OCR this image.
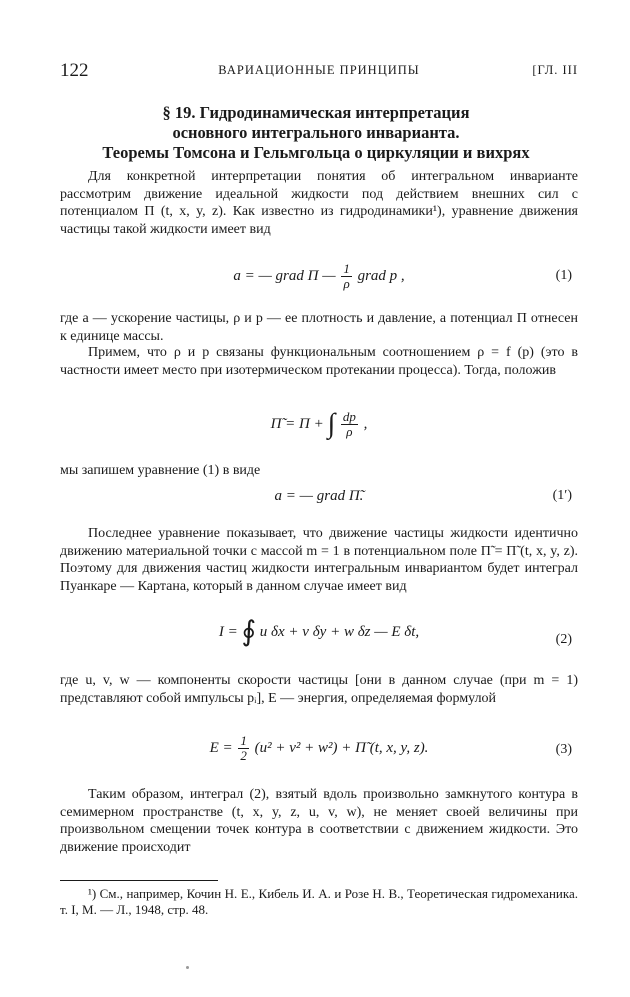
122	ВАРИАЦИОННЫЕ ПРИНЦИПЫ	[ГЛ. III
§ 19. Гидродинамическая интерпретация
основного интегрального инварианта.
Теоремы Томсона и Гельмгольца о циркуляции и вихрях

Для конкретной интерпретации понятия об интегральном инварианте рассмотрим движение идеальной жидкости под действием внешних сил с потенциалом П (t, x, y, z). Как известно из гидродинамики¹), уравнение движения частицы такой жидкости имеет вид

a = — grad П — $\frac{1}{\rho}$ grad p ,	(1)

где a — ускорение частицы, ρ и p — ее плотность и давление, а потенциал П отнесен к единице массы.

Примем, что ρ и p связаны функциональным соотношением ρ = f (p) (это в частности имеет место при изотермическом протекании процесса). Тогда, положив

П̃ = П + ∫ $\frac{dp}{\rho}$ ,

мы запишем уравнение (1) в виде

a = — grad П̃.	(1′)

Последнее уравнение показывает, что движение частицы жидкости идентично движению материальной точки с массой m = 1 в потенциальном поле П̃ = П̃ (t, x, y, z). Поэтому для движения частиц жидкости интегральным инвариантом будет интеграл Пуанкаре — Картана, который в данном случае имеет вид

I = ∮ u δx + v δy + w δz — E δt,	(2)

где u, v, w — компоненты скорости частицы [они в данном случае (при m = 1) представляют собой импульсы pᵢ], E — энергия, определяемая формулой

$E = \frac{1}{2} (u^2 + v^2 + w^2)$ + П̃ (t, x, y, z).	(3)

Таким образом, интеграл (2), взятый вдоль произвольно замкнутого контура в семимерном пространстве (t, x, y, z, u, v, w), не меняет своей величины при произвольном смещении точек контура в соответствии с движением жидкости. Это движение происходит

¹) См., например, Кочин Н. Е., Кибель И. А. и Розе Н. В., Теоретическая гидромеханика. т. I, М. — Л., 1948, стр. 48.
